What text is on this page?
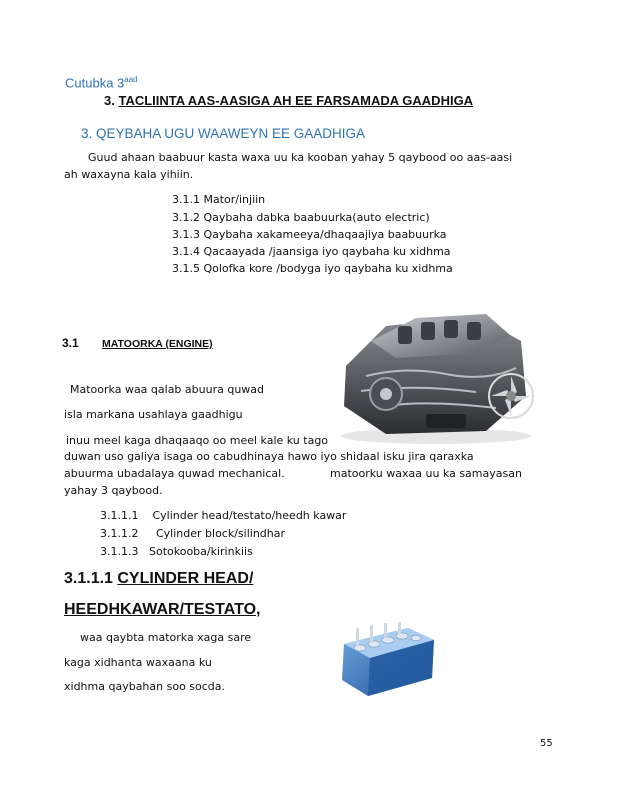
Cutubka $3^{aad}$
3. TACLIINTA AAS-AASIGA AH EE FARSAMADA GAADHIGA
3. QEYBAHA UGU WAAWEYN EE GAADHIGA
Guud ahaan baabuur kasta waxa uu ka kooban yahay 5 qaybood oo aas-aasi
ah waxayna kala yihiin.
3.1.1 Mator/injiin
3.1.2 Qaybaha dabka baabuurka(auto electric)
3.1.3 Qaybaha xakameeya/dhaqaajiya baabuurka
3.1.4 Qacaayada /jaansiga iyo qaybaha ku xidhma
3.1.5 Qolofka kore /bodyga iyo qaybaha ku xidhma
3.1 MATOORKA (ENGINE)
Matoorka waa qalab abuura quwad
isla markana usahlaya gaadhigu
inuu meel kaga dhaqaaqo oo meel kale ku tago
duwan uso galiya isaga oo cabudhinaya hawo iyo shidaal isku jira qaraxka
abuurma ubadalaya quwad mechanical.	matoorku waxaa uu ka samayasan
yahay 3 qaybood.
3.1.1.1 Cylinder head/testato/heedh kawar
3.1.1.2     Cylinder block/silindhar
3.1.1.3 Sotokooba/kirinkiis
3.1.1.1 CYLINDER HEAD/
HEEDHKAWAR/TESTATO,
waa qaybta matorka xaga sare
kaga xidhanta waxaana ku
xidhma qaybahan soo socda.
55
